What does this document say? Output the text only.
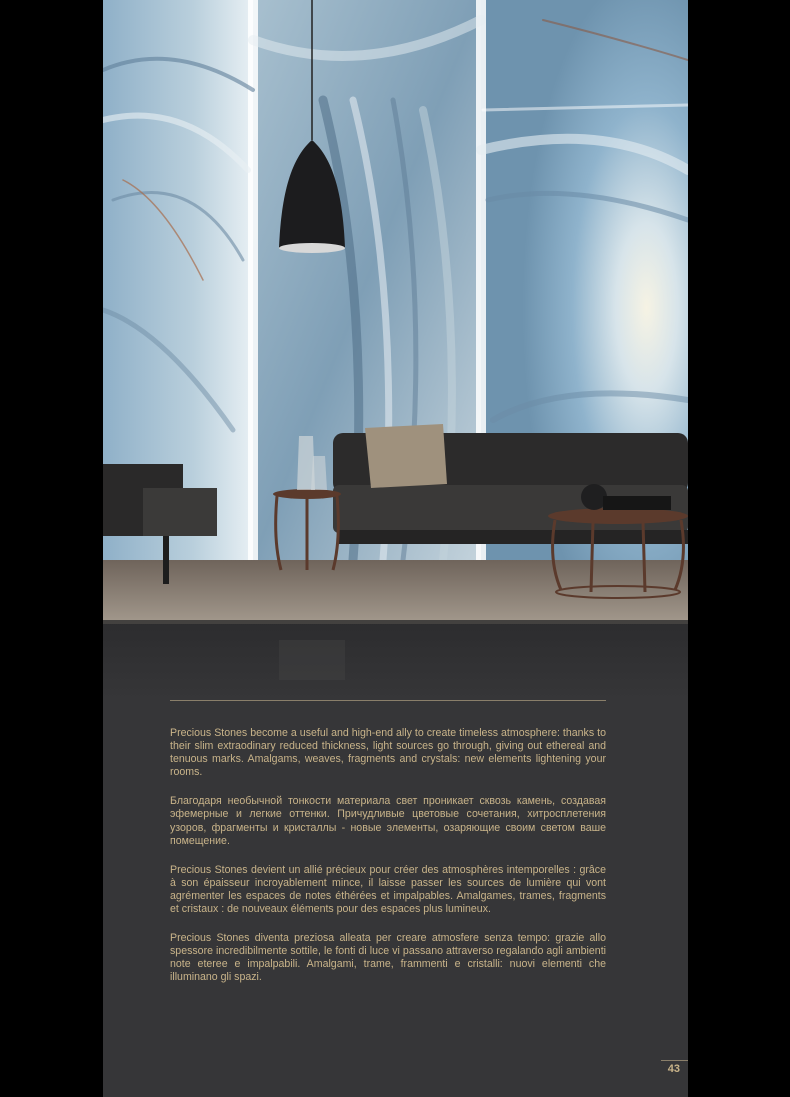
Precious Stones become a useful and high-end ally to create timeless atmosphere: thanks to their slim extraodinary reduced thickness, light sources go through, giving out ethereal and tenuous marks. Amalgams, weaves, fragments and crystals: new elements lightening your rooms.

Благодаря необычной тонкости материала свет проникает сквозь камень, создавая эфемерные и легкие оттенки. Причудливые цветовые сочетания, хитросплетения узоров, фрагменты и кристаллы - новые элементы, озаряющие своим светом ваше помещение.

Precious Stones devient un allié précieux pour créer des atmosphères intemporelles : grâce à son épaisseur incroyablement mince, il laisse passer les sources de lumière qui vont agrémenter les espaces de notes éthérées et impalpables. Amalgames, trames, fragments et cristaux : de nouveaux éléments pour des espaces plus lumineux.

Precious Stones diventa preziosa alleata per creare atmosfere senza tempo: grazie allo spessore incredibilmente sottile, le fonti di luce vi passano attraverso regalando agli ambienti note eteree e impalpabili. Amalgami, trame, frammenti e cristalli: nuovi elementi che illuminano gli spazi.

43
